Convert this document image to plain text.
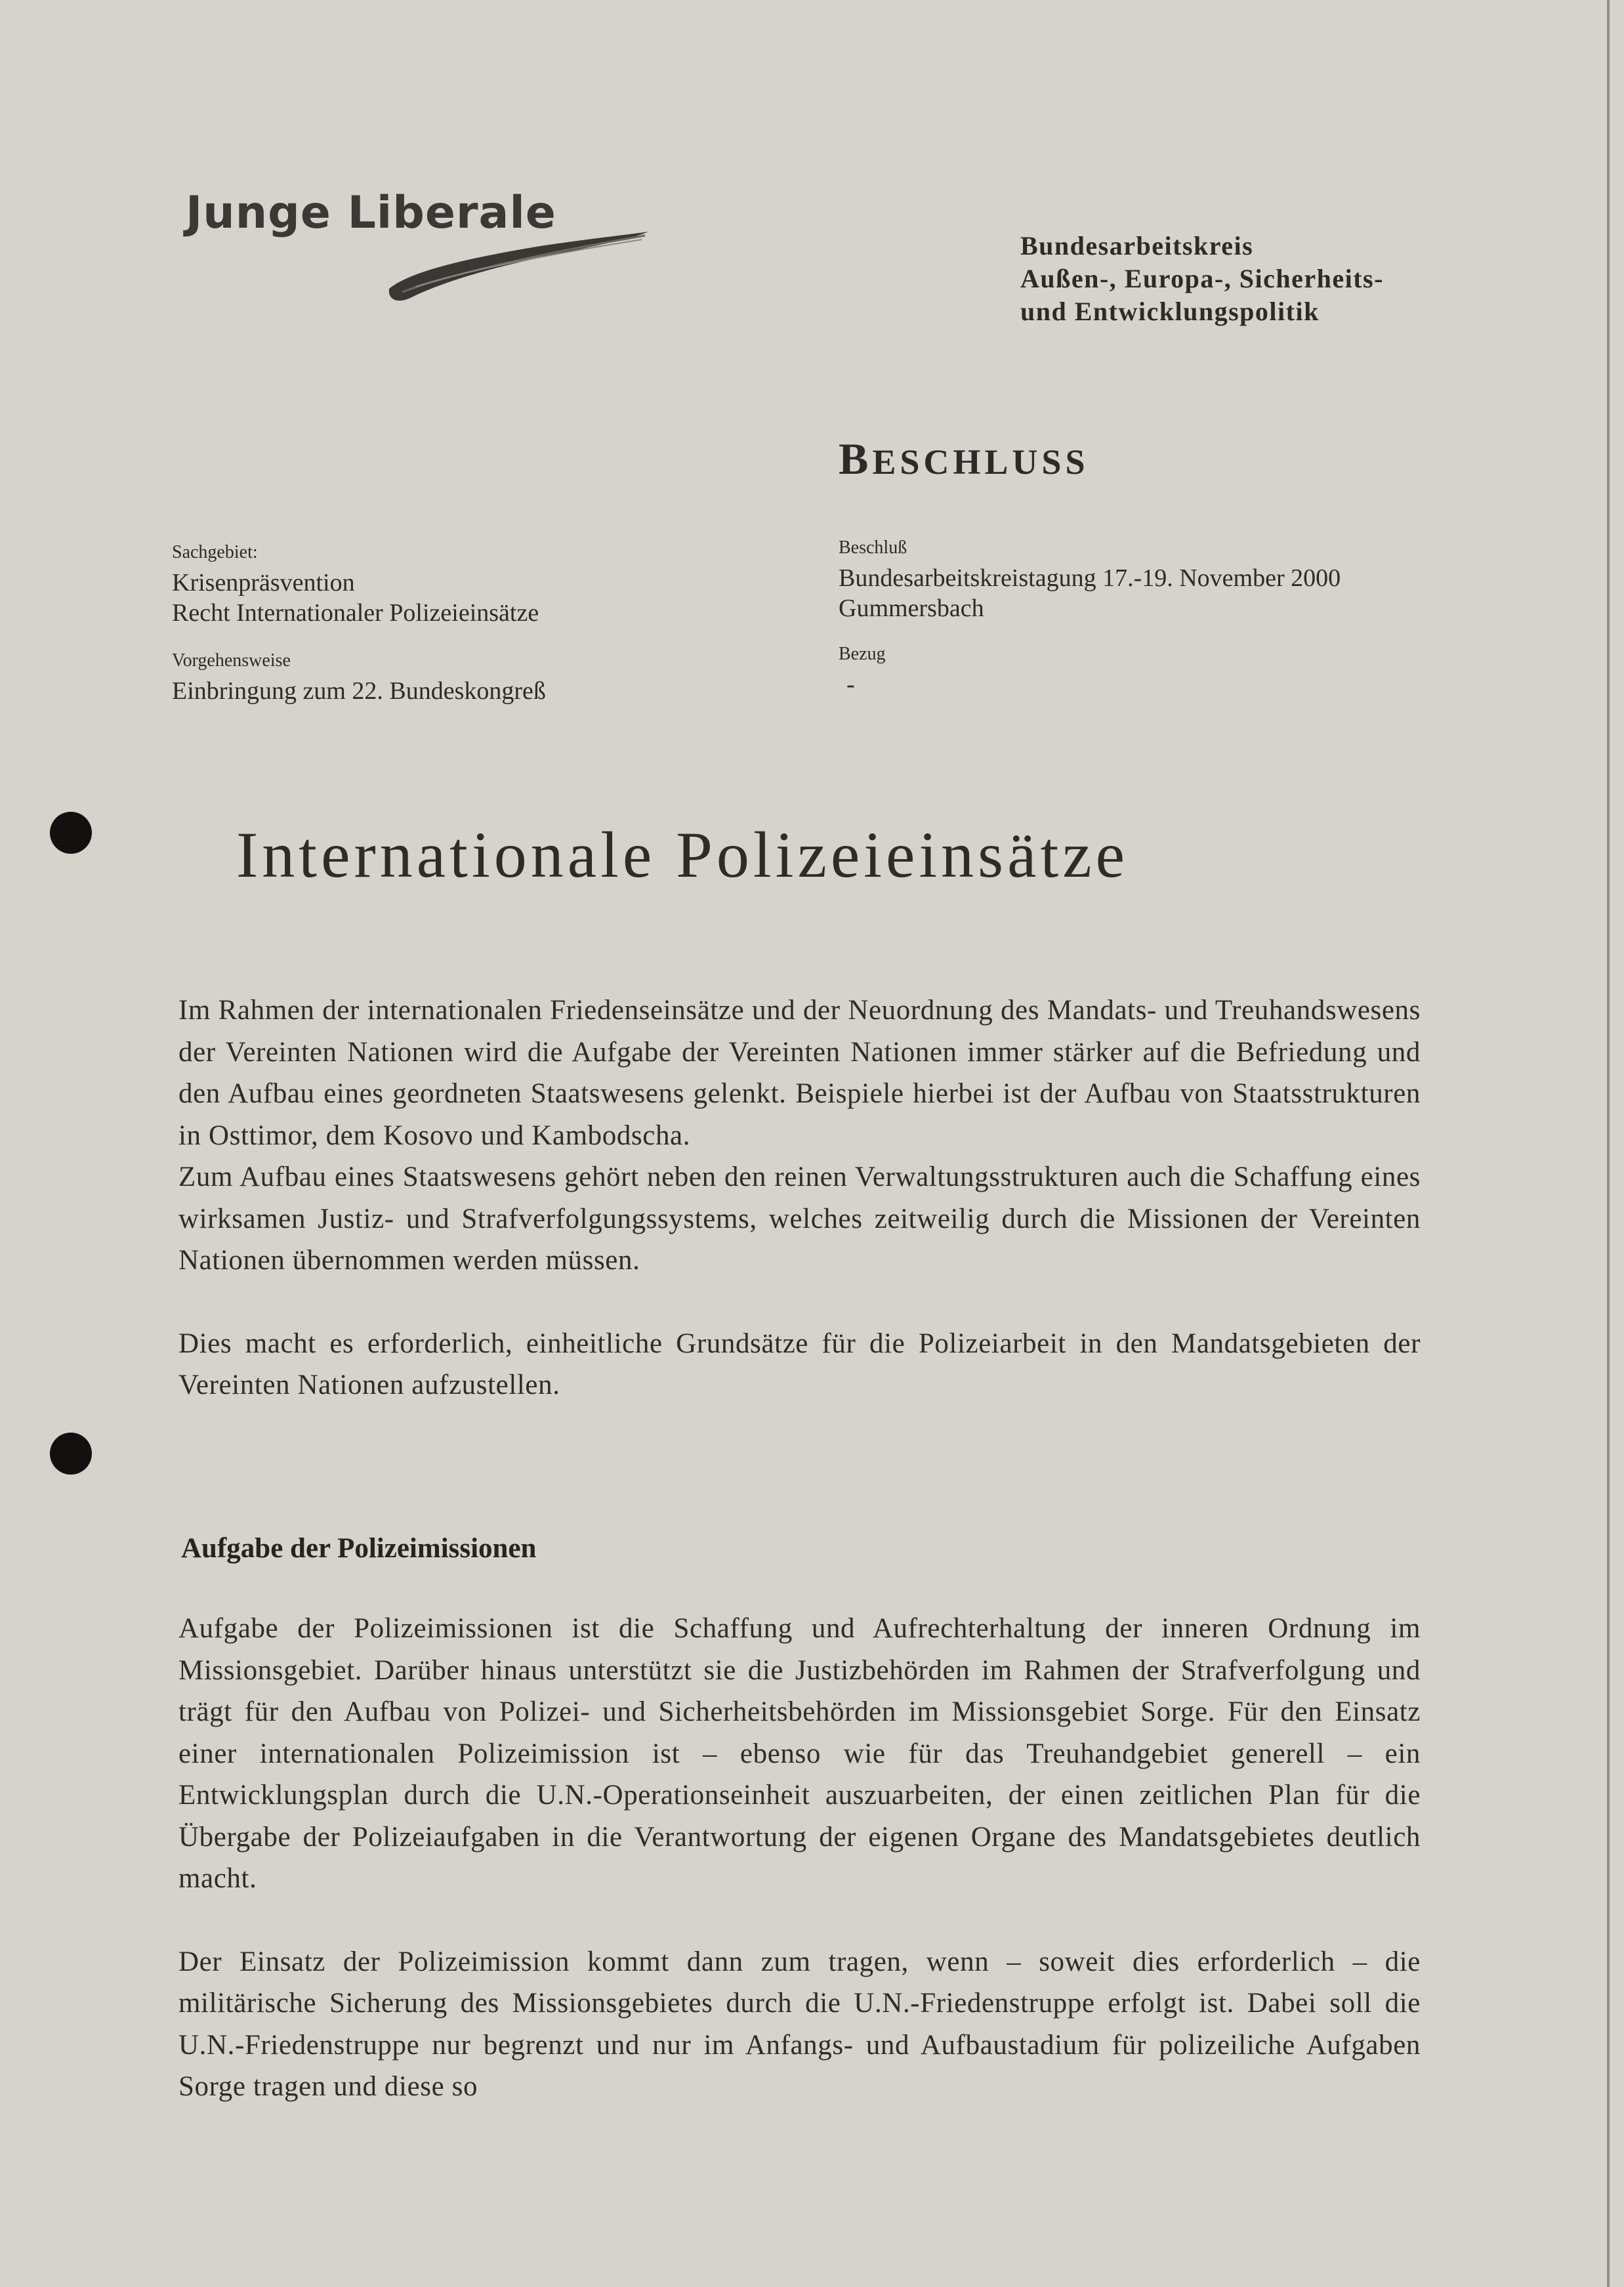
Junge Liberale
Bundesarbeitskreis
Außen-, Europa-, Sicherheits-
und Entwicklungspolitik
BESCHLUSS
Sachgebiet:
Krisenpräsvention
Recht Internationaler Polizeieinsätze
Vorgehensweise
Einbringung zum 22. Bundeskongreß
Beschluß
Bundesarbeitskreistagung 17.-19. November 2000
Gummersbach
Bezug
-
Internationale Polizeieinsätze

Im Rahmen der internationalen Friedenseinsätze und der Neuordnung des Mandats- und Treuhandswesens der Vereinten Nationen wird die Aufgabe der Vereinten Nationen immer stärker auf die Befriedung und den Aufbau eines geordneten Staatswesens gelenkt. Beispiele hierbei ist der Aufbau von Staatsstrukturen in Osttimor, dem Kosovo und Kambodscha.

Zum Aufbau eines Staatswesens gehört neben den reinen Verwaltungsstrukturen auch die Schaffung eines wirksamen Justiz- und Strafverfolgungssystems, welches zeitweilig durch die Missionen der Vereinten Nationen übernommen werden müssen.

Dies macht es erforderlich, einheitliche Grundsätze für die Polizeiarbeit in den Mandatsgebieten der Vereinten Nationen aufzustellen.

Aufgabe der Polizeimissionen

Aufgabe der Polizeimissionen ist die Schaffung und Aufrechterhaltung der inneren Ordnung im Missionsgebiet. Darüber hinaus unterstützt sie die Justizbehörden im Rahmen der Strafverfolgung und trägt für den Aufbau von Polizei- und Sicherheitsbehörden im Missionsgebiet Sorge. Für den Einsatz einer internationalen Polizeimission ist – ebenso wie für das Treuhandgebiet generell – ein Entwicklungsplan durch die U.N.-Operationseinheit auszuarbeiten, der einen zeitlichen Plan für die Übergabe der Polizeiaufgaben in die Verantwortung der eigenen Organe des Mandatsgebietes deutlich macht.

Der Einsatz der Polizeimission kommt dann zum tragen, wenn – soweit dies erforderlich – die militärische Sicherung des Missionsgebietes durch die U.N.-Friedenstruppe erfolgt ist. Dabei soll die U.N.-Friedenstruppe nur begrenzt und nur im Anfangs- und Aufbaustadium für polizeiliche Aufgaben Sorge tragen und diese so
